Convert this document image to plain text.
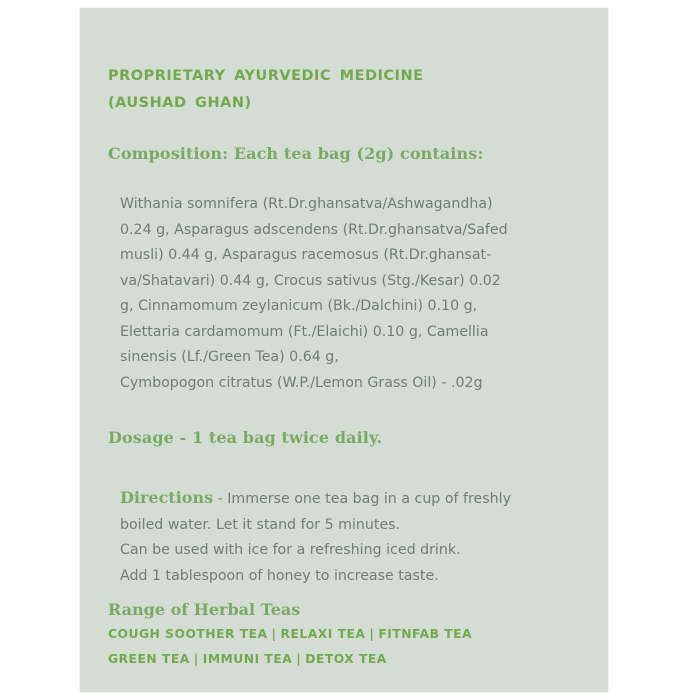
PROPRIETARY AYURVEDIC MEDICINE
(AUSHAD GHAN)
Composition: Each tea bag (2g) contains:
Withania somnifera (Rt.Dr.ghansatva/Ashwagandha)
0.24 g, Asparagus adscendens (Rt.Dr.ghansatva/Safed
musli) 0.44 g, Asparagus racemosus (Rt.Dr.ghansat-
va/Shatavari) 0.44 g, Crocus sativus (Stg./Kesar) 0.02
g, Cinnamomum zeylanicum (Bk./Dalchini) 0.10 g,
Elettaria cardamomum (Ft./Elaichi) 0.10 g, Camellia
sinensis (Lf./Green Tea) 0.64 g,
Cymbopogon citratus (W.P./Lemon Grass Oil) - .02g
Dosage - 1 tea bag twice daily.
Directions - Immerse one tea bag in a cup of freshly
boiled water. Let it stand for 5 minutes.
Can be used with ice for a refreshing iced drink.
Add 1 tablespoon of honey to increase taste.
Range of Herbal Teas
COUGH SOOTHER TEA | RELAXI TEA | FITNFAB TEA
GREEN TEA | IMMUNI TEA | DETOX TEA
